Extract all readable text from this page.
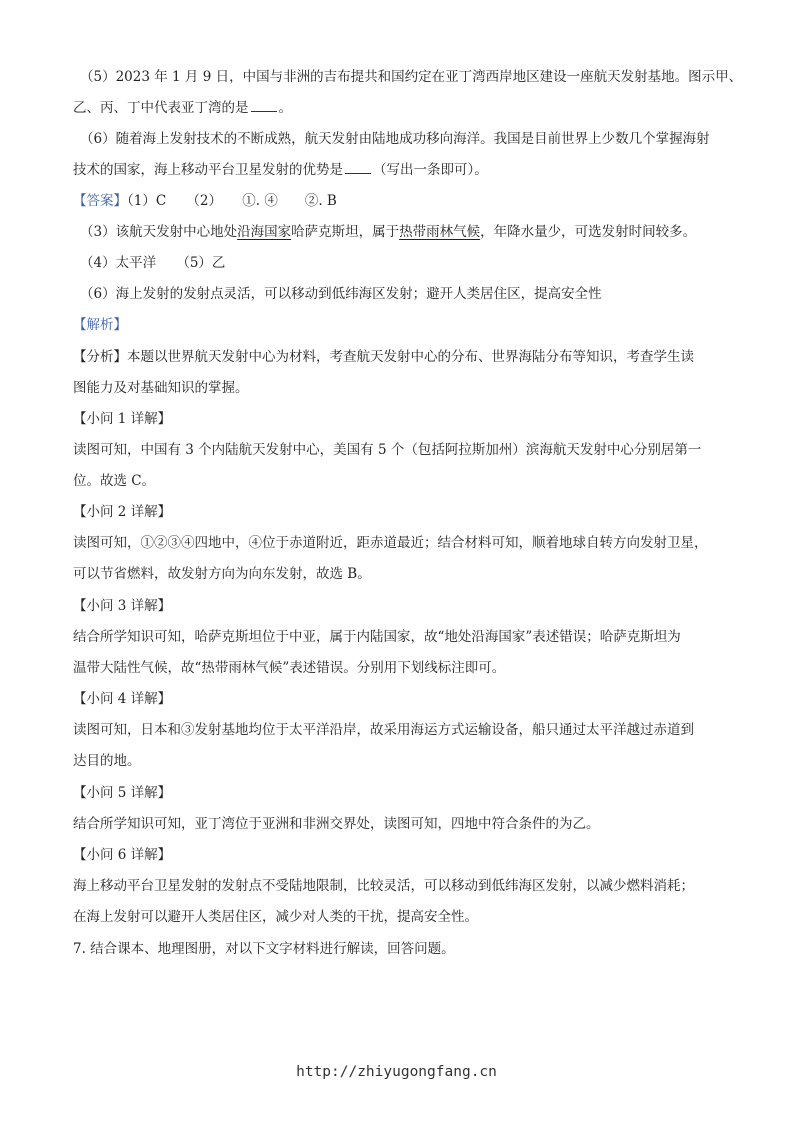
（5）2023 年 1 月 9 日，中国与非洲的吉布提共和国约定在亚丁湾西岸地区建设一座航天发射基地。图示甲、
乙、丙、丁中代表亚丁湾的是 。
（6）随着海上发射技术的不断成熟，航天发射由陆地成功移向海洋。我国是目前世界上少数几个掌握海射
技术的国家，海上移动平台卫星发射的优势是 （写出一条即可）。
【答案】（1）C　　（2）　　①. ④　　②. B
（3）该航天发射中心地处沿海国家哈萨克斯坦，属于热带雨林气候，年降水量少，可选发射时间较多。
（4）太平洋　　（5）乙
（6）海上发射的发射点灵活，可以移动到低纬海区发射；避开人类居住区，提高安全性
【解析】
【分析】本题以世界航天发射中心为材料，考查航天发射中心的分布、世界海陆分布等知识，考查学生读
图能力及对基础知识的掌握。
【小问 1 详解】
读图可知，中国有 3 个内陆航天发射中心，美国有 5 个（包括阿拉斯加州）滨海航天发射中心分别居第一
位。故选 C。
【小问 2 详解】
读图可知，①②③④四地中，④位于赤道附近，距赤道最近；结合材料可知，顺着地球自转方向发射卫星，
可以节省燃料，故发射方向为向东发射，故选 B。
【小问 3 详解】
结合所学知识可知，哈萨克斯坦位于中亚，属于内陆国家，故“地处沿海国家”表述错误；哈萨克斯坦为
温带大陆性气候，故“热带雨林气候”表述错误。分别用下划线标注即可。
【小问 4 详解】
读图可知，日本和③发射基地均位于太平洋沿岸，故采用海运方式运输设备，船只通过太平洋越过赤道到
达目的地。
【小问 5 详解】
结合所学知识可知，亚丁湾位于亚洲和非洲交界处，读图可知，四地中符合条件的为乙。
【小问 6 详解】
海上移动平台卫星发射的发射点不受陆地限制，比较灵活，可以移动到低纬海区发射，以减少燃料消耗；
在海上发射可以避开人类居住区，减少对人类的干扰，提高安全性。
7. 结合课本、地理图册，对以下文字材料进行解读，回答问题。
http://zhiyugongfang.cn
